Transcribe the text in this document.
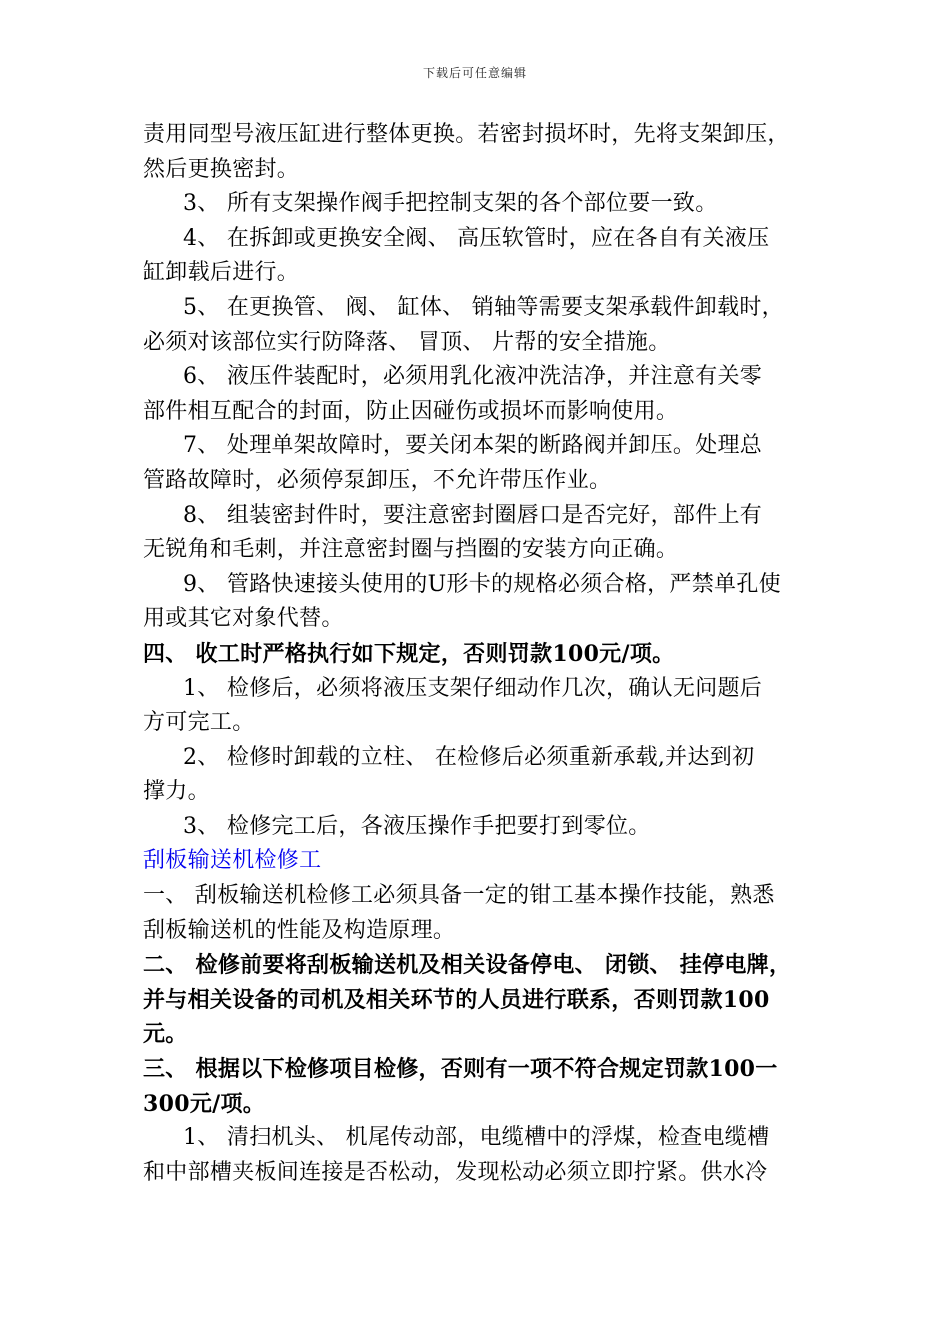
下载后可任意编辑
责用同型号液压缸进行整体更换。若密封损坏时，先将支架卸压，
然后更换密封。
3、 所有支架操作阀手把控制支架的各个部位要一致。
4、 在拆卸或更换安全阀、 高压软管时，应在各自有关液压
缸卸载后进行。
5、 在更换管、 阀、 缸体、 销轴等需要支架承载件卸载时，
必须对该部位实行防降落、 冒顶、 片帮的安全措施。
6、 液压件装配时，必须用乳化液冲洗洁净，并注意有关零
部件相互配合的封面，防止因碰伤或损坏而影响使用。
7、 处理单架故障时，要关闭本架的断路阀并卸压。处理总
管路故障时，必须停泵卸压，不允许带压作业。
8、 组装密封件时，要注意密封圈唇口是否完好，部件上有
无锐角和毛刺，并注意密封圈与挡圈的安装方向正确。
9、 管路快速接头使用的U形卡的规格必须合格，严禁单孔使
用或其它对象代替。
四、 收工时严格执行如下规定，否则罚款100元/项。
1、 检修后，必须将液压支架仔细动作几次，确认无问题后
方可完工。
2、 检修时卸载的立柱、 在检修后必须重新承载,并达到初
撑力。
3、 检修完工后，各液压操作手把要打到零位。
刮板输送机检修工
一、 刮板输送机检修工必须具备一定的钳工基本操作技能，熟悉
刮板输送机的性能及构造原理。
二、 检修前要将刮板输送机及相关设备停电、 闭锁、 挂停电牌，
并与相关设备的司机及相关环节的人员进行联系，否则罚款100
元。
三、 根据以下检修项目检修，否则有一项不符合规定罚款100一
300元/项。
1、 清扫机头、 机尾传动部，电缆槽中的浮煤，检查电缆槽
和中部槽夹板间连接是否松动，发现松动必须立即拧紧。供水冷
